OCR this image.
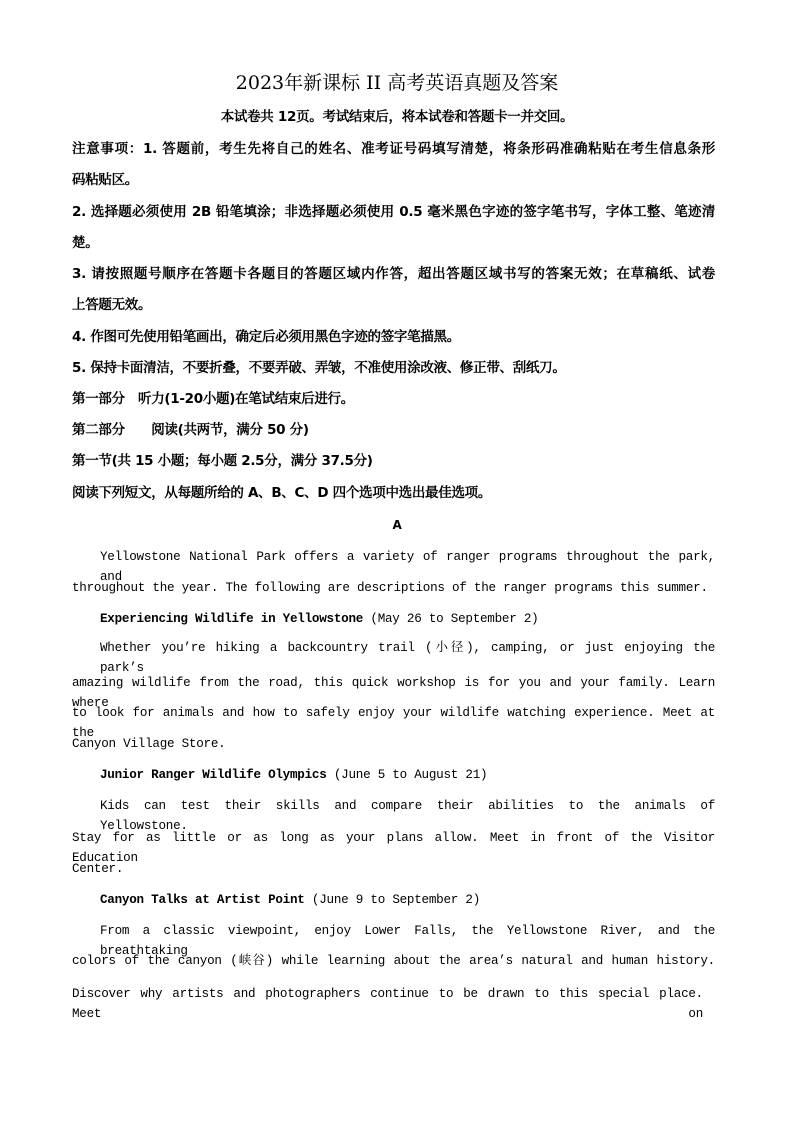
2023年新课标 II 高考英语真题及答案
本试卷共 12页。考试结束后，将本试卷和答题卡一并交回。
注意事项：1. 答题前，考生先将自己的姓名、准考证号码填写清楚，将条形码准确粘贴在考生信息条形
码粘贴区。
2. 选择题必须使用 2B 铅笔填涂；非选择题必须使用 0.5 毫米黑色字迹的签字笔书写，字体工整、笔迹清
楚。
3. 请按照题号顺序在答题卡各题目的答题区域内作答，超出答题区域书写的答案无效；在草稿纸、试卷
上答题无效。
4. 作图可先使用铅笔画出，确定后必须用黑色字迹的签字笔描黑。
5. 保持卡面清洁，不要折叠，不要弄破、弄皱，不准使用涂改液、修正带、刮纸刀。
第一部分　听力(1-20小题)在笔试结束后进行。
第二部分　　阅读(共两节，满分 50 分)
第一节(共 15 小题；每小题 2.5分，满分 37.5分)
阅读下列短文，从每题所给的 A、B、C、D 四个选项中选出最佳选项。
A
Yellowstone National Park offers a variety of ranger programs throughout the park, and
throughout the year. The following are descriptions of the ranger programs this summer.
Experiencing Wildlife in Yellowstone (May 26 to September 2)
Whether you’re hiking a backcountry trail (小径), camping, or just enjoying the park’s
amazing wildlife from the road, this quick workshop is for you and your family. Learn where
to look for animals and how to safely enjoy your wildlife watching experience. Meet at the
Canyon Village Store.
Junior Ranger Wildlife Olympics (June 5 to August 21)
Kids can test their skills and compare their abilities to the animals of Yellowstone.
Stay for as little or as long as your plans allow. Meet in front of the Visitor Education
Center.
Canyon Talks at Artist Point (June 9 to September 2)
From a classic viewpoint, enjoy Lower Falls, the Yellowstone River, and the breathtaking
colors of the canyon (峡谷) while learning about the area’s natural and human history.
Discover why artists and photographers continue to be drawn to this special place. Meet on
